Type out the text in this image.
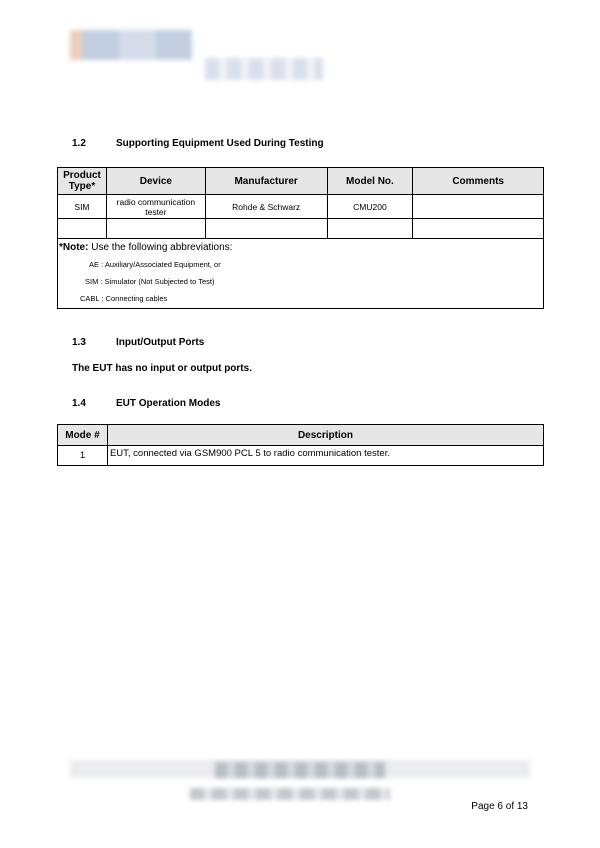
1.2	Supporting Equipment Used During Testing
Product Type*	Device	Manufacturer	Model No.	Comments
SIM	radio communication tester	Rohde & Schwarz	CMU200	

*Note: Use the following abbreviations:
AE : Auxiliary/Associated Equipment, or
SIM : Simulator (Not Subjected to Test)
CABL : Connecting cables				
1.3	Input/Output Ports
The EUT has no input or output ports.
1.4	EUT Operation Modes
Mode #	Description
1	EUT, connected via GSM900 PCL 5 to radio communication tester.
Page 6 of 13
